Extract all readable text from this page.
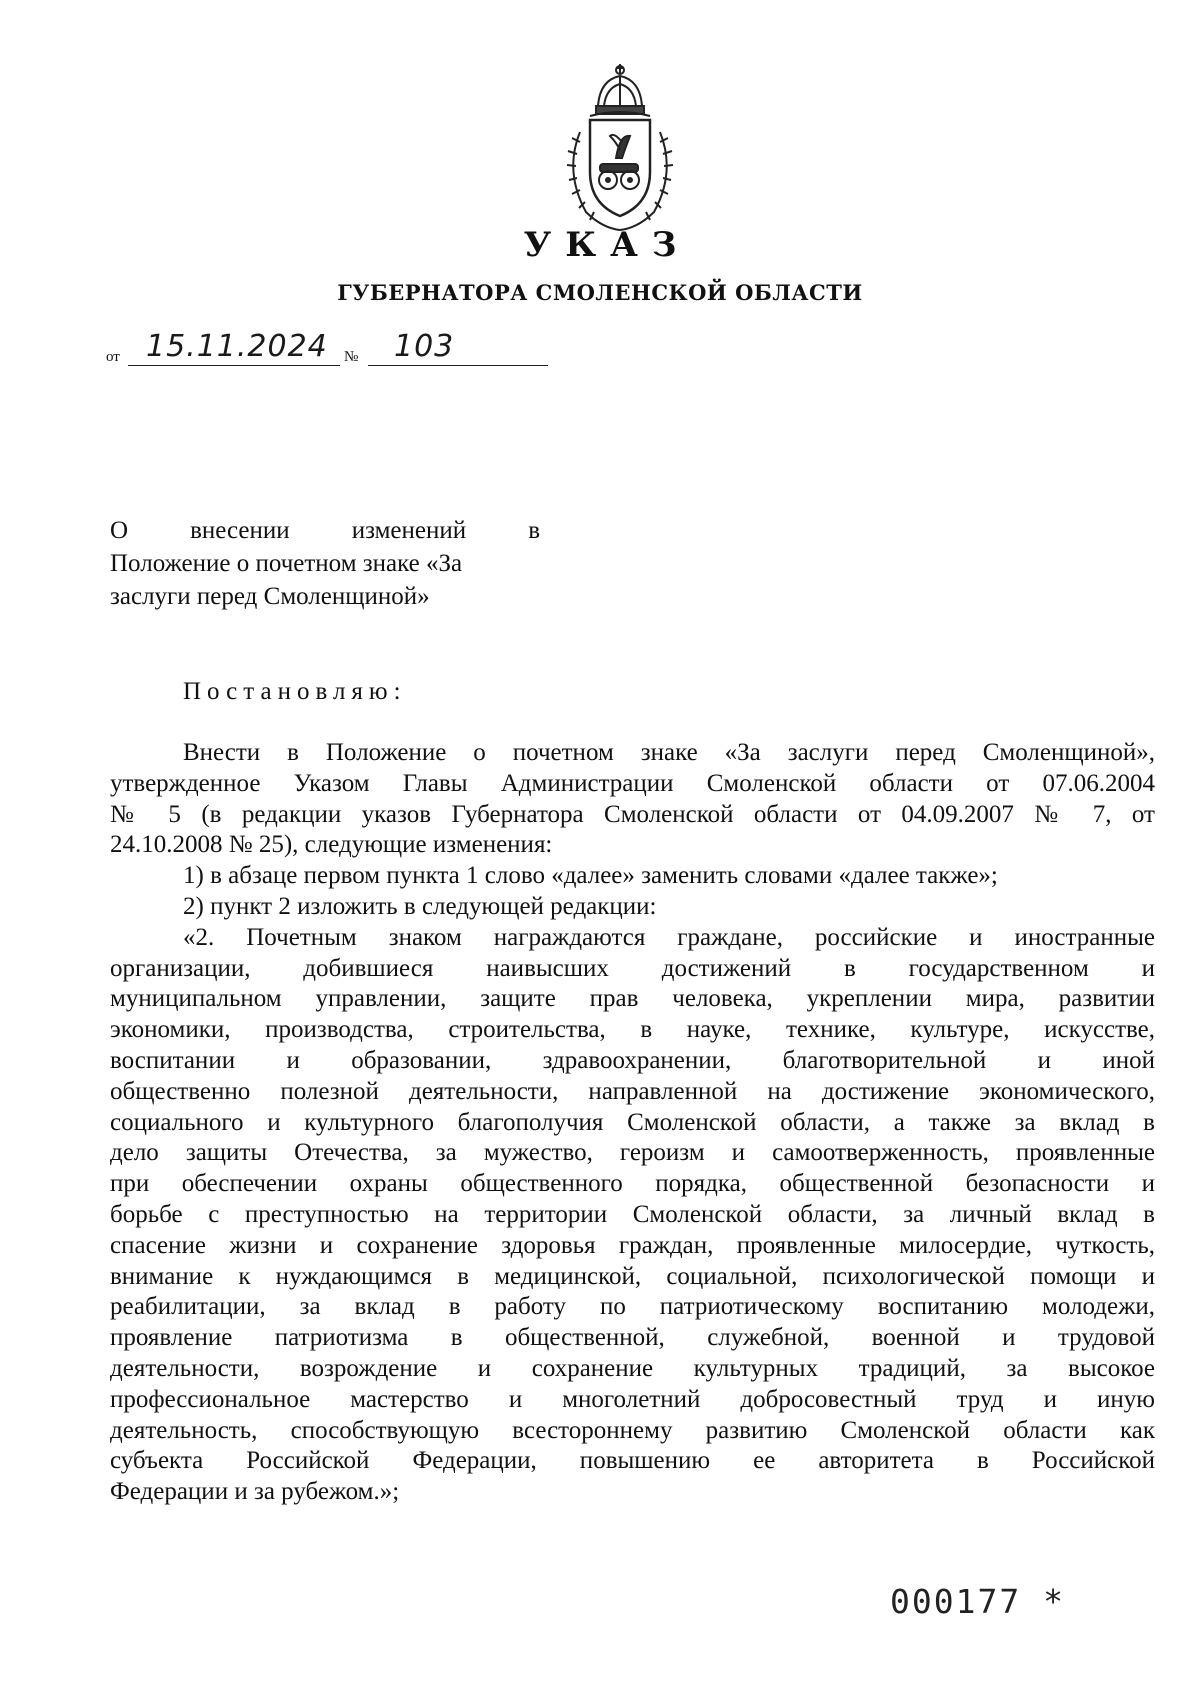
УКАЗ
ГУБЕРНАТОРА СМОЛЕНСКОЙ ОБЛАСТИ
от 15.11.2024 № 103
О внесении изменений в
Положение о почетном знаке «За
заслуги перед Смоленщиной»
Постановляю:
Внести в Положение о почетном знаке «За заслуги перед Смоленщиной»,
утвержденное Указом Главы Администрации Смоленской области от 07.06.2004
№ 5 (в редакции указов Губернатора Смоленской области от 04.09.2007 № 7, от
24.10.2008 № 25), следующие изменения:
1) в абзаце первом пункта 1 слово «далее» заменить словами «далее также»;
2) пункт 2 изложить в следующей редакции:
«2. Почетным знаком награждаются граждане, российские и иностранные
организации, добившиеся наивысших достижений в государственном и
муниципальном управлении, защите прав человека, укреплении мира, развитии
экономики, производства, строительства, в науке, технике, культуре, искусстве,
воспитании и образовании, здравоохранении, благотворительной и иной
общественно полезной деятельности, направленной на достижение экономического,
социального и культурного благополучия Смоленской области, а также за вклад в
дело защиты Отечества, за мужество, героизм и самоотверженность, проявленные
при обеспечении охраны общественного порядка, общественной безопасности и
борьбе с преступностью на территории Смоленской области, за личный вклад в
спасение жизни и сохранение здоровья граждан, проявленные милосердие, чуткость,
внимание к нуждающимся в медицинской, социальной, психологической помощи и
реабилитации, за вклад в работу по патриотическому воспитанию молодежи,
проявление патриотизма в общественной, служебной, военной и трудовой
деятельности, возрождение и сохранение культурных традиций, за высокое
профессиональное мастерство и многолетний добросовестный труд и иную
деятельность, способствующую всестороннему развитию Смоленской области как
субъекта Российской Федерации, повышению ее авторитета в Российской
Федерации и за рубежом.»;
000177 *
